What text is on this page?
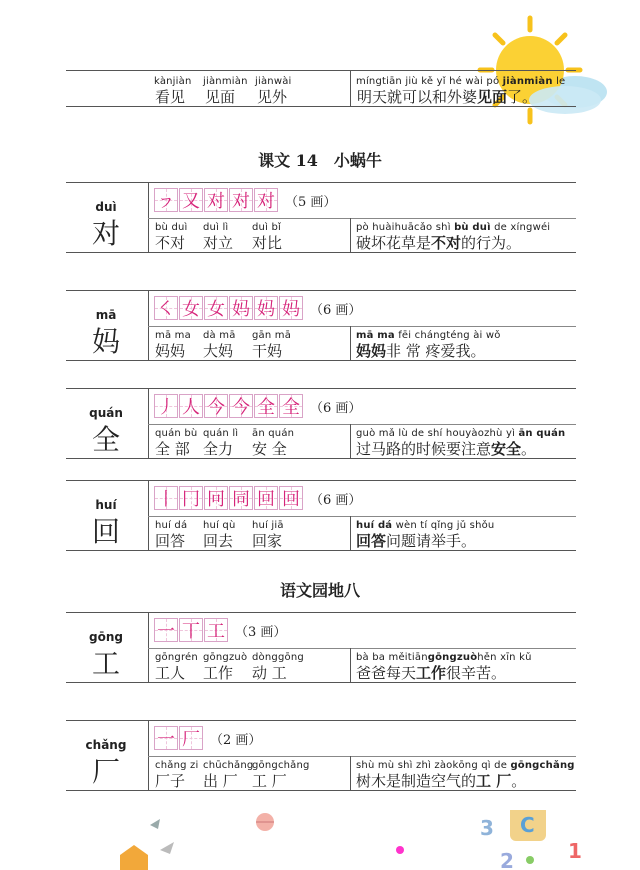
kànjiàn jiànmiàn jiànwài
看见 见面 见外
míngtiān jiù kě yǐ hé wài pó jiànmiàn le
明天就可以和外婆见面了。
课文 14　小蜗牛
duì
对
ㇷ 又 对 对 对 （5 画）
bù duì duì lì duì bǐ
不对 对立 对比
pò huàihuācǎo shì bù duì de xíngwéi
破坏花草是不对的行为。
mā
妈
㇛ 女 女 妈 妈 妈 （6 画）
mā ma dà mā gān mā
妈妈 大妈 干妈
mā ma fēi chángténg ài wǒ
妈妈非 常 疼爱我。
quán
全
丿 人 今 今 全 全 （6 画）
quán bù quán lì ān quán
全 部 全力 安 全
guò mǎ lù de shí houyàozhù yì ān quán
过马路的时候要注意安全。
huí
回
丨 冂 冋 同 回 回 （6 画）
huí dá huí qù huí jiā
回答 回去 回家
huí dá wèn tí qǐng jǔ shǒu
回答问题请举手。
语文园地八
gōng
工
一 丅 工 （3 画）
gōngrén gōngzuò dònggōng
工人 工作 动 工
bà ba měitiāngōngzuòhěn xīn kǔ
爸爸每天工作很辛苦。
chǎng
厂
一 厂 （2 画）
chǎng zi chūchǎng
gōngchǎng
厂子 出 厂 工 厂
shù mù shì zhì zàokōng qì de gōngchǎng
树木是制造空气的工 厂。
3
2
C
1
